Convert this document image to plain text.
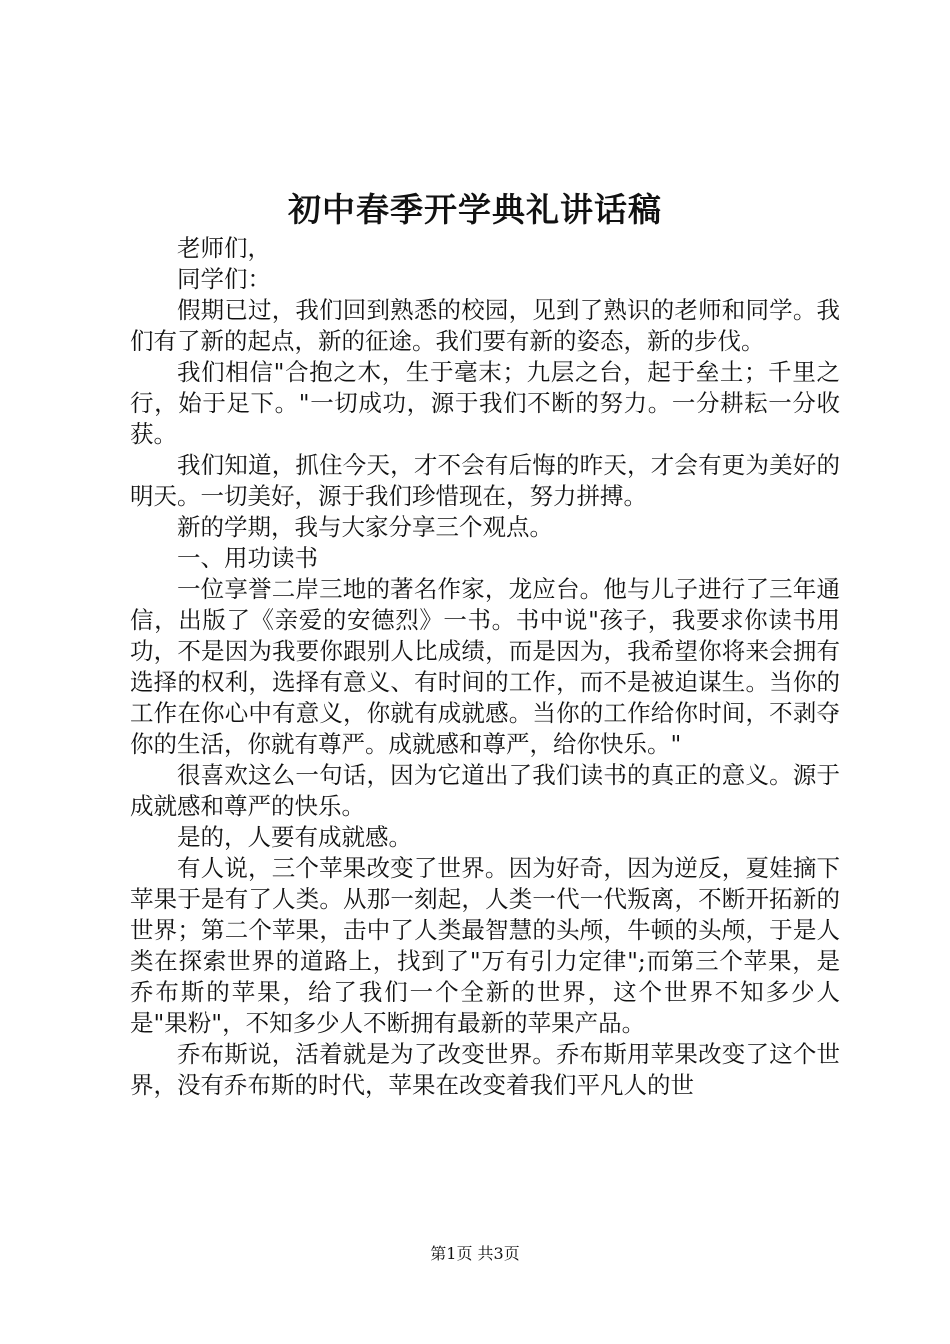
初中春季开学典礼讲话稿

老师们，

同学们：

假期已过，我们回到熟悉的校园，见到了熟识的老师和同学。我们有了新的起点，新的征途。我们要有新的姿态，新的步伐。

我们相信"合抱之木，生于毫末；九层之台，起于垒土；千里之行，始于足下。"一切成功，源于我们不断的努力。一分耕耘一分收获。

我们知道，抓住今天，才不会有后悔的昨天，才会有更为美好的明天。一切美好，源于我们珍惜现在，努力拼搏。

新的学期，我与大家分享三个观点。

一、用功读书

一位享誉二岸三地的著名作家，龙应台。他与儿子进行了三年通信，出版了《亲爱的安德烈》一书。书中说"孩子，我要求你读书用功，不是因为我要你跟别人比成绩，而是因为，我希望你将来会拥有选择的权利，选择有意义、有时间的工作，而不是被迫谋生。当你的工作在你心中有意义，你就有成就感。当你的工作给你时间，不剥夺你的生活，你就有尊严。成就感和尊严，给你快乐。"

很喜欢这么一句话，因为它道出了我们读书的真正的意义。源于成就感和尊严的快乐。

是的，人要有成就感。

有人说，三个苹果改变了世界。因为好奇，因为逆反，夏娃摘下苹果于是有了人类。从那一刻起，人类一代一代叛离，不断开拓新的世界；第二个苹果，击中了人类最智慧的头颅，牛顿的头颅，于是人类在探索世界的道路上，找到了"万有引力定律";而第三个苹果，是乔布斯的苹果，给了我们一个全新的世界，这个世界不知多少人是"果粉"，不知多少人不断拥有最新的苹果产品。

乔布斯说，活着就是为了改变世界。乔布斯用苹果改变了这个世界，没有乔布斯的时代，苹果在改变着我们平凡人的世

第1页 共3页
